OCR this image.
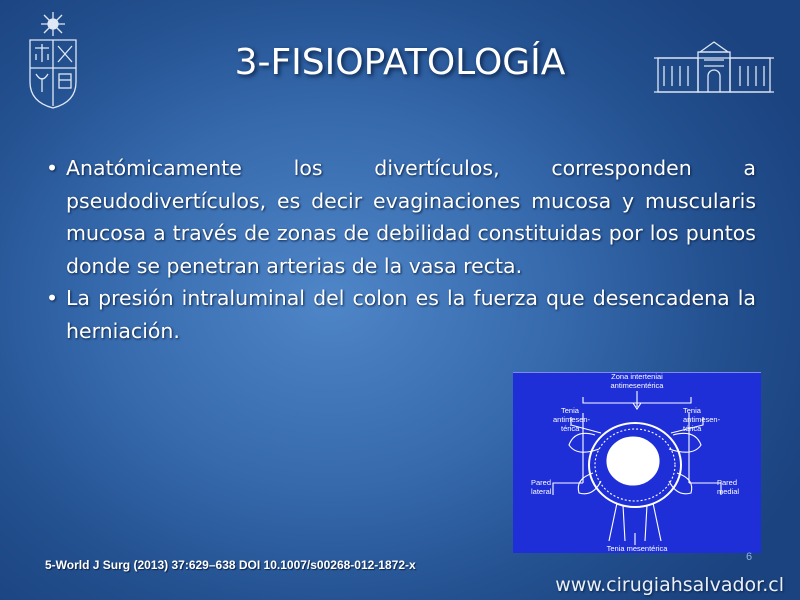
3-FISIOPATOLOGÍA
• Anatómicamente los divertículos, corresponden a pseudodivertículos, es decir evaginaciones mucosa y muscularis mucosa a través de zonas de debilidad constituidas por los puntos donde se penetran arterias de la vasa recta.
• La presión intraluminal del colon es la fuerza que desencadena la herniación.
Zona interteniai
antimesentérica
Tenia
antimesen-
térica
Tenia
antimesen-
térica
Pared
lateral
Pared
medial
Tenia mesentérica
6
5-World J Surg (2013) 37:629–638 DOI 10.1007/s00268-012-1872-x
www.cirugiahsalvador.cl
